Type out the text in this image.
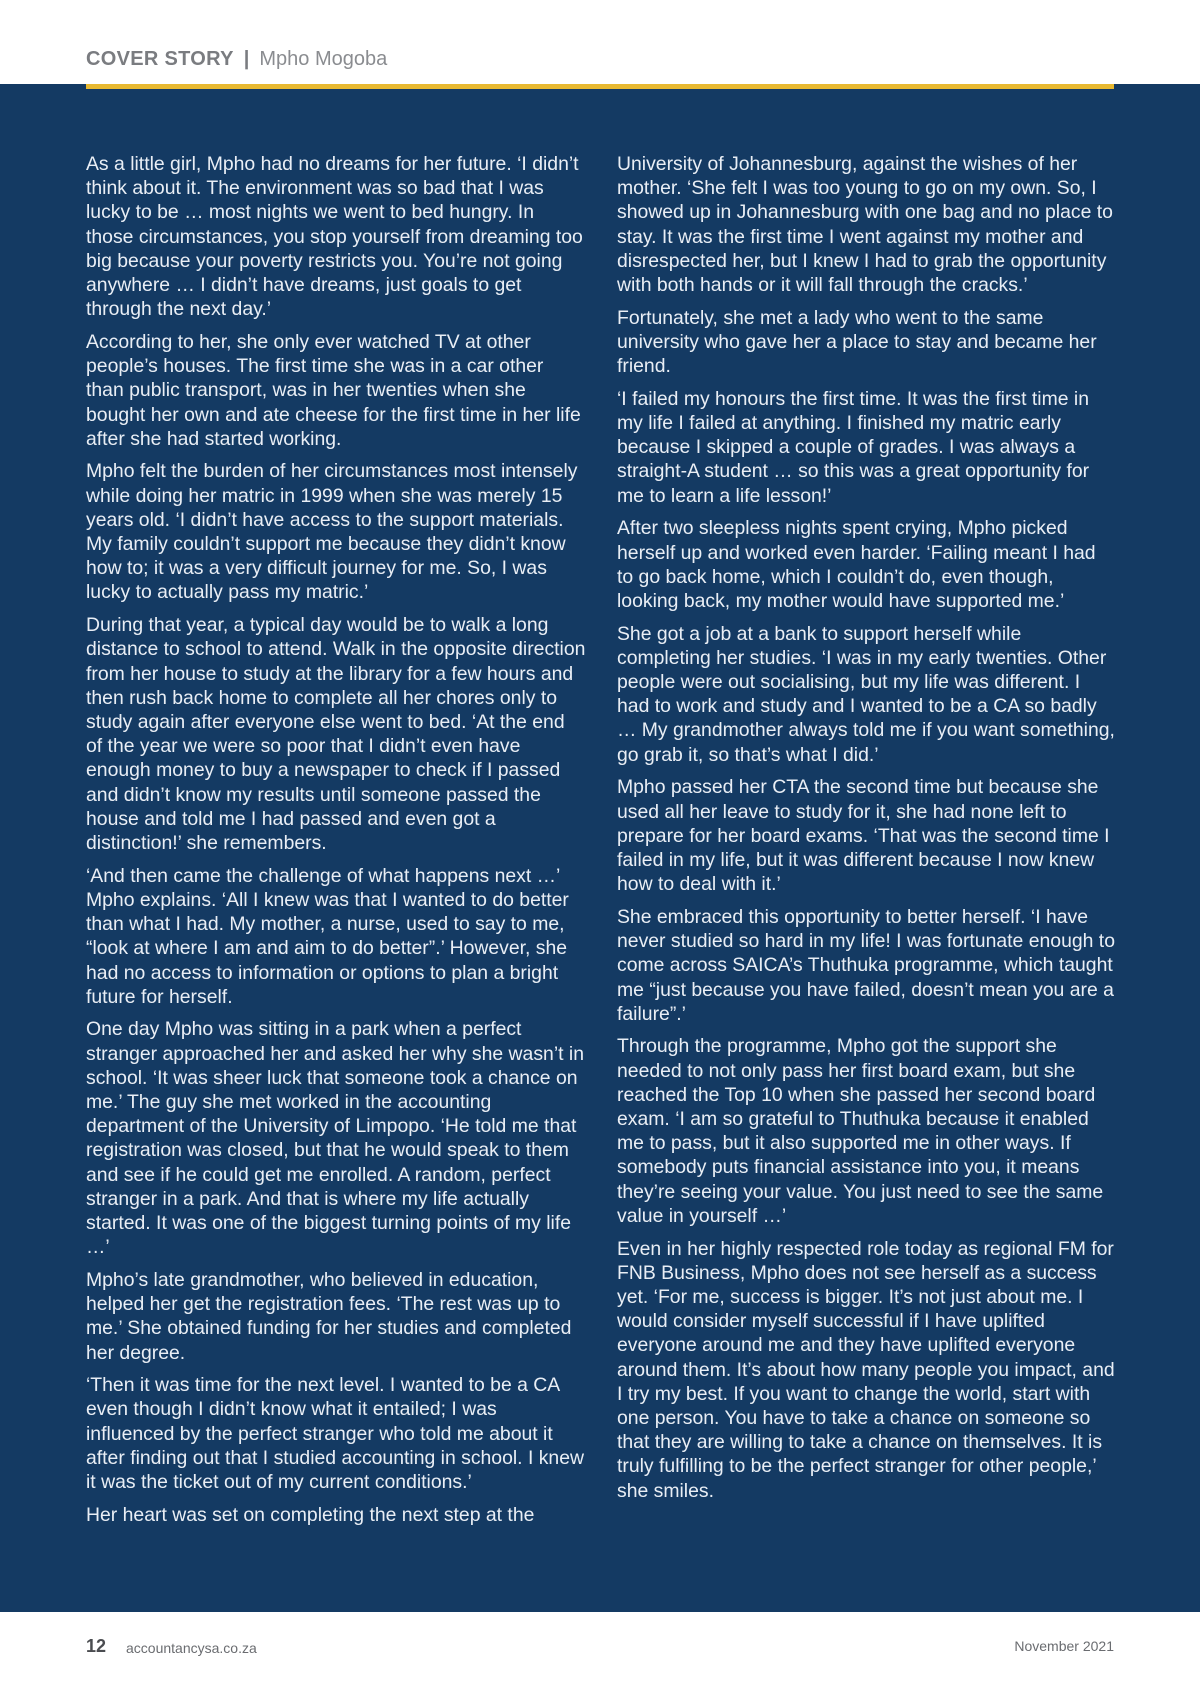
COVER STORY | Mpho Mogoba

As a little girl, Mpho had no dreams for her future. ‘I didn’t think about it. The environment was so bad that I was lucky to be … most nights we went to bed hungry. In those circumstances, you stop yourself from dreaming too big because your poverty restricts you. You’re not going anywhere … I didn’t have dreams, just goals to get through the next day.’

According to her, she only ever watched TV at other people’s houses. The first time she was in a car other than public transport, was in her twenties when she bought her own and ate cheese for the first time in her life after she had started working.

Mpho felt the burden of her circumstances most intensely while doing her matric in 1999 when she was merely 15 years old. ‘I didn’t have access to the support materials. My family couldn’t support me because they didn’t know how to; it was a very difficult journey for me. So, I was lucky to actually pass my matric.’

During that year, a typical day would be to walk a long distance to school to attend. Walk in the opposite direction from her house to study at the library for a few hours and then rush back home to complete all her chores only to study again after everyone else went to bed. ‘At the end of the year we were so poor that I didn’t even have enough money to buy a newspaper to check if I passed and didn’t know my results until someone passed the house and told me I had passed and even got a distinction!’ she remembers.

‘And then came the challenge of what happens next …’ Mpho explains. ‘All I knew was that I wanted to do better than what I had. My mother, a nurse, used to say to me, “look at where I am and aim to do better”.’ However, she had no access to information or options to plan a bright future for herself.

One day Mpho was sitting in a park when a perfect stranger approached her and asked her why she wasn’t in school. ‘It was sheer luck that someone took a chance on me.’ The guy she met worked in the accounting department of the University of Limpopo. ‘He told me that registration was closed, but that he would speak to them and see if he could get me enrolled. A random, perfect stranger in a park. And that is where my life actually started. It was one of the biggest turning points of my life …’

Mpho’s late grandmother, who believed in education, helped her get the registration fees. ‘The rest was up to me.’ She obtained funding for her studies and completed her degree.

‘Then it was time for the next level. I wanted to be a CA even though I didn’t know what it entailed; I was influenced by the perfect stranger who told me about it after finding out that I studied accounting in school. I knew it was the ticket out of my current conditions.’

Her heart was set on completing the next step at the

University of Johannesburg, against the wishes of her mother. ‘She felt I was too young to go on my own. So, I showed up in Johannesburg with one bag and no place to stay. It was the first time I went against my mother and disrespected her, but I knew I had to grab the opportunity with both hands or it will fall through the cracks.’

Fortunately, she met a lady who went to the same university who gave her a place to stay and became her friend.

‘I failed my honours the first time. It was the first time in my life I failed at anything. I finished my matric early because I skipped a couple of grades. I was always a straight-A student … so this was a great opportunity for me to learn a life lesson!’

After two sleepless nights spent crying, Mpho picked herself up and worked even harder. ‘Failing meant I had to go back home, which I couldn’t do, even though, looking back, my mother would have supported me.’

She got a job at a bank to support herself while completing her studies. ‘I was in my early twenties. Other people were out socialising, but my life was different. I had to work and study and I wanted to be a CA so badly … My grandmother always told me if you want something, go grab it, so that’s what I did.’

Mpho passed her CTA the second time but because she used all her leave to study for it, she had none left to prepare for her board exams. ‘That was the second time I failed in my life, but it was different because I now knew how to deal with it.’

She embraced this opportunity to better herself. ‘I have never studied so hard in my life! I was fortunate enough to come across SAICA’s Thuthuka programme, which taught me “just because you have failed, doesn’t mean you are a failure”.’

Through the programme, Mpho got the support she needed to not only pass her first board exam, but she reached the Top 10 when she passed her second board exam. ‘I am so grateful to Thuthuka because it enabled me to pass, but it also supported me in other ways. If somebody puts financial assistance into you, it means they’re seeing your value. You just need to see the same value in yourself …’

Even in her highly respected role today as regional FM for FNB Business, Mpho does not see herself as a success yet. ‘For me, success is bigger. It’s not just about me. I would consider myself successful if I have uplifted everyone around me and they have uplifted everyone around them. It’s about how many people you impact, and I try my best. If you want to change the world, start with one person. You have to take a chance on someone so that they are willing to take a chance on themselves. It is truly fulfilling to be the perfect stranger for other people,’ she smiles.

12 accountancysa.co.za	November 2021
